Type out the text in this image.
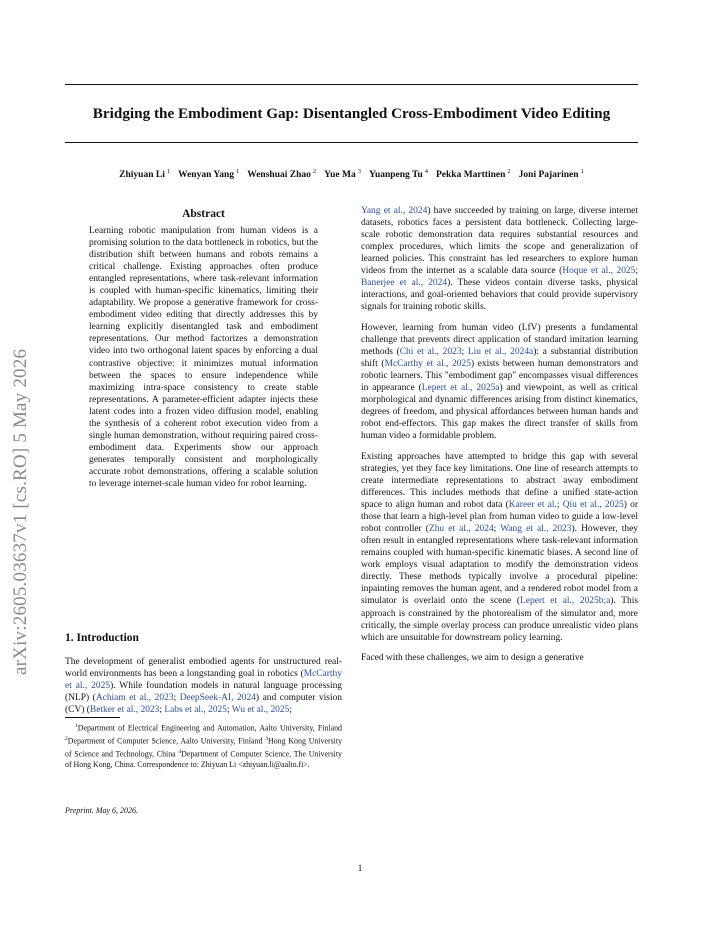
arXiv:2605.03637v1 [cs.RO] 5 May 2026
Bridging the Embodiment Gap: Disentangled Cross-Embodiment Video Editing
Zhiyuan Li $^1$ Wenyan Yang $^1$ Wenshuai Zhao $^2$ Yue Ma $^3$ Yuanpeng Tu $^4$ Pekka Marttinen $^2$ Joni Pajarinen $^1$
Abstract
Learning robotic manipulation from human videos is a promising solution to the data bottleneck in robotics, but the distribution shift between humans and robots remains a critical challenge. Existing approaches often produce entangled representations, where task-relevant information is coupled with human-specific kinematics, limiting their adaptability. We propose a generative framework for cross-embodiment video editing that directly addresses this by learning explicitly disentangled task and embodiment representations. Our method factorizes a demonstration video into two orthogonal latent spaces by enforcing a dual contrastive objective: it minimizes mutual information between the spaces to ensure independence while maximizing intra-space consistency to create stable representations. A parameter-efficient adapter injects these latent codes into a frozen video diffusion model, enabling the synthesis of a coherent robot execution video from a single human demonstration, without requiring paired cross-embodiment data. Experiments show our approach generates temporally consistent and morphologically accurate robot demonstrations, offering a scalable solution to leverage internet-scale human video for robot learning.
1. Introduction
The development of generalist embodied agents for unstructured real-world environments has been a longstanding goal in robotics (McCarthy et al., 2025). While foundation models in natural language processing (NLP) (Achiam et al., 2023; DeepSeek-AI, 2024) and computer vision (CV) (Betker et al., 2023; Labs et al., 2025; Wu et al., 2025;

$^1$Department of Electrical Engineering and Automation, Aalto University, Finland $^2$Department of Computer Science, Aalto University, Finland $^3$Hong Kong University of Science and Technology, China $^4$Department of Computer Science, The University of Hong Kong, China. Correspondence to: Zhiyuan Li <zhiyuan.li@aalto.fi>.

Preprint. May 6, 2026.

Yang et al., 2024) have succeeded by training on large, diverse internet datasets, robotics faces a persistent data bottleneck. Collecting large-scale robotic demonstration data requires substantial resources and complex procedures, which limits the scope and generalization of learned policies. This constraint has led researchers to explore human videos from the internet as a scalable data source (Hoque et al., 2025; Banerjee et al., 2024). These videos contain diverse tasks, physical interactions, and goal-oriented behaviors that could provide supervisory signals for training robotic skills.

However, learning from human video (LfV) presents a fundamental challenge that prevents direct application of standard imitation learning methods (Chi et al., 2023; Liu et al., 2024a): a substantial distribution shift (McCarthy et al., 2025) exists between human demonstrators and robotic learners. This "embodiment gap" encompasses visual differences in appearance (Lepert et al., 2025a) and viewpoint, as well as critical morphological and dynamic differences arising from distinct kinematics, degrees of freedom, and physical affordances between human hands and robot end-effectors. This gap makes the direct transfer of skills from human video a formidable problem.

Existing approaches have attempted to bridge this gap with several strategies, yet they face key limitations. One line of research attempts to create intermediate representations to abstract away embodiment differences. This includes methods that define a unified state-action space to align human and robot data (Kareer et al.; Qiu et al., 2025) or those that learn a high-level plan from human video to guide a low-level robot controller (Zhu et al., 2024; Wang et al., 2023). However, they often result in entangled representations where task-relevant information remains coupled with human-specific kinematic biases. A second line of work employs visual adaptation to modify the demonstration videos directly. These methods typically involve a procedural pipeline: inpainting removes the human agent, and a rendered robot model from a simulator is overlaid onto the scene (Lepert et al., 2025b;a). This approach is constrained by the photorealism of the simulator and, more critically, the simple overlay process can produce unrealistic video plans which are unsuitable for downstream policy learning.

Faced with these challenges, we aim to design a generative

1
